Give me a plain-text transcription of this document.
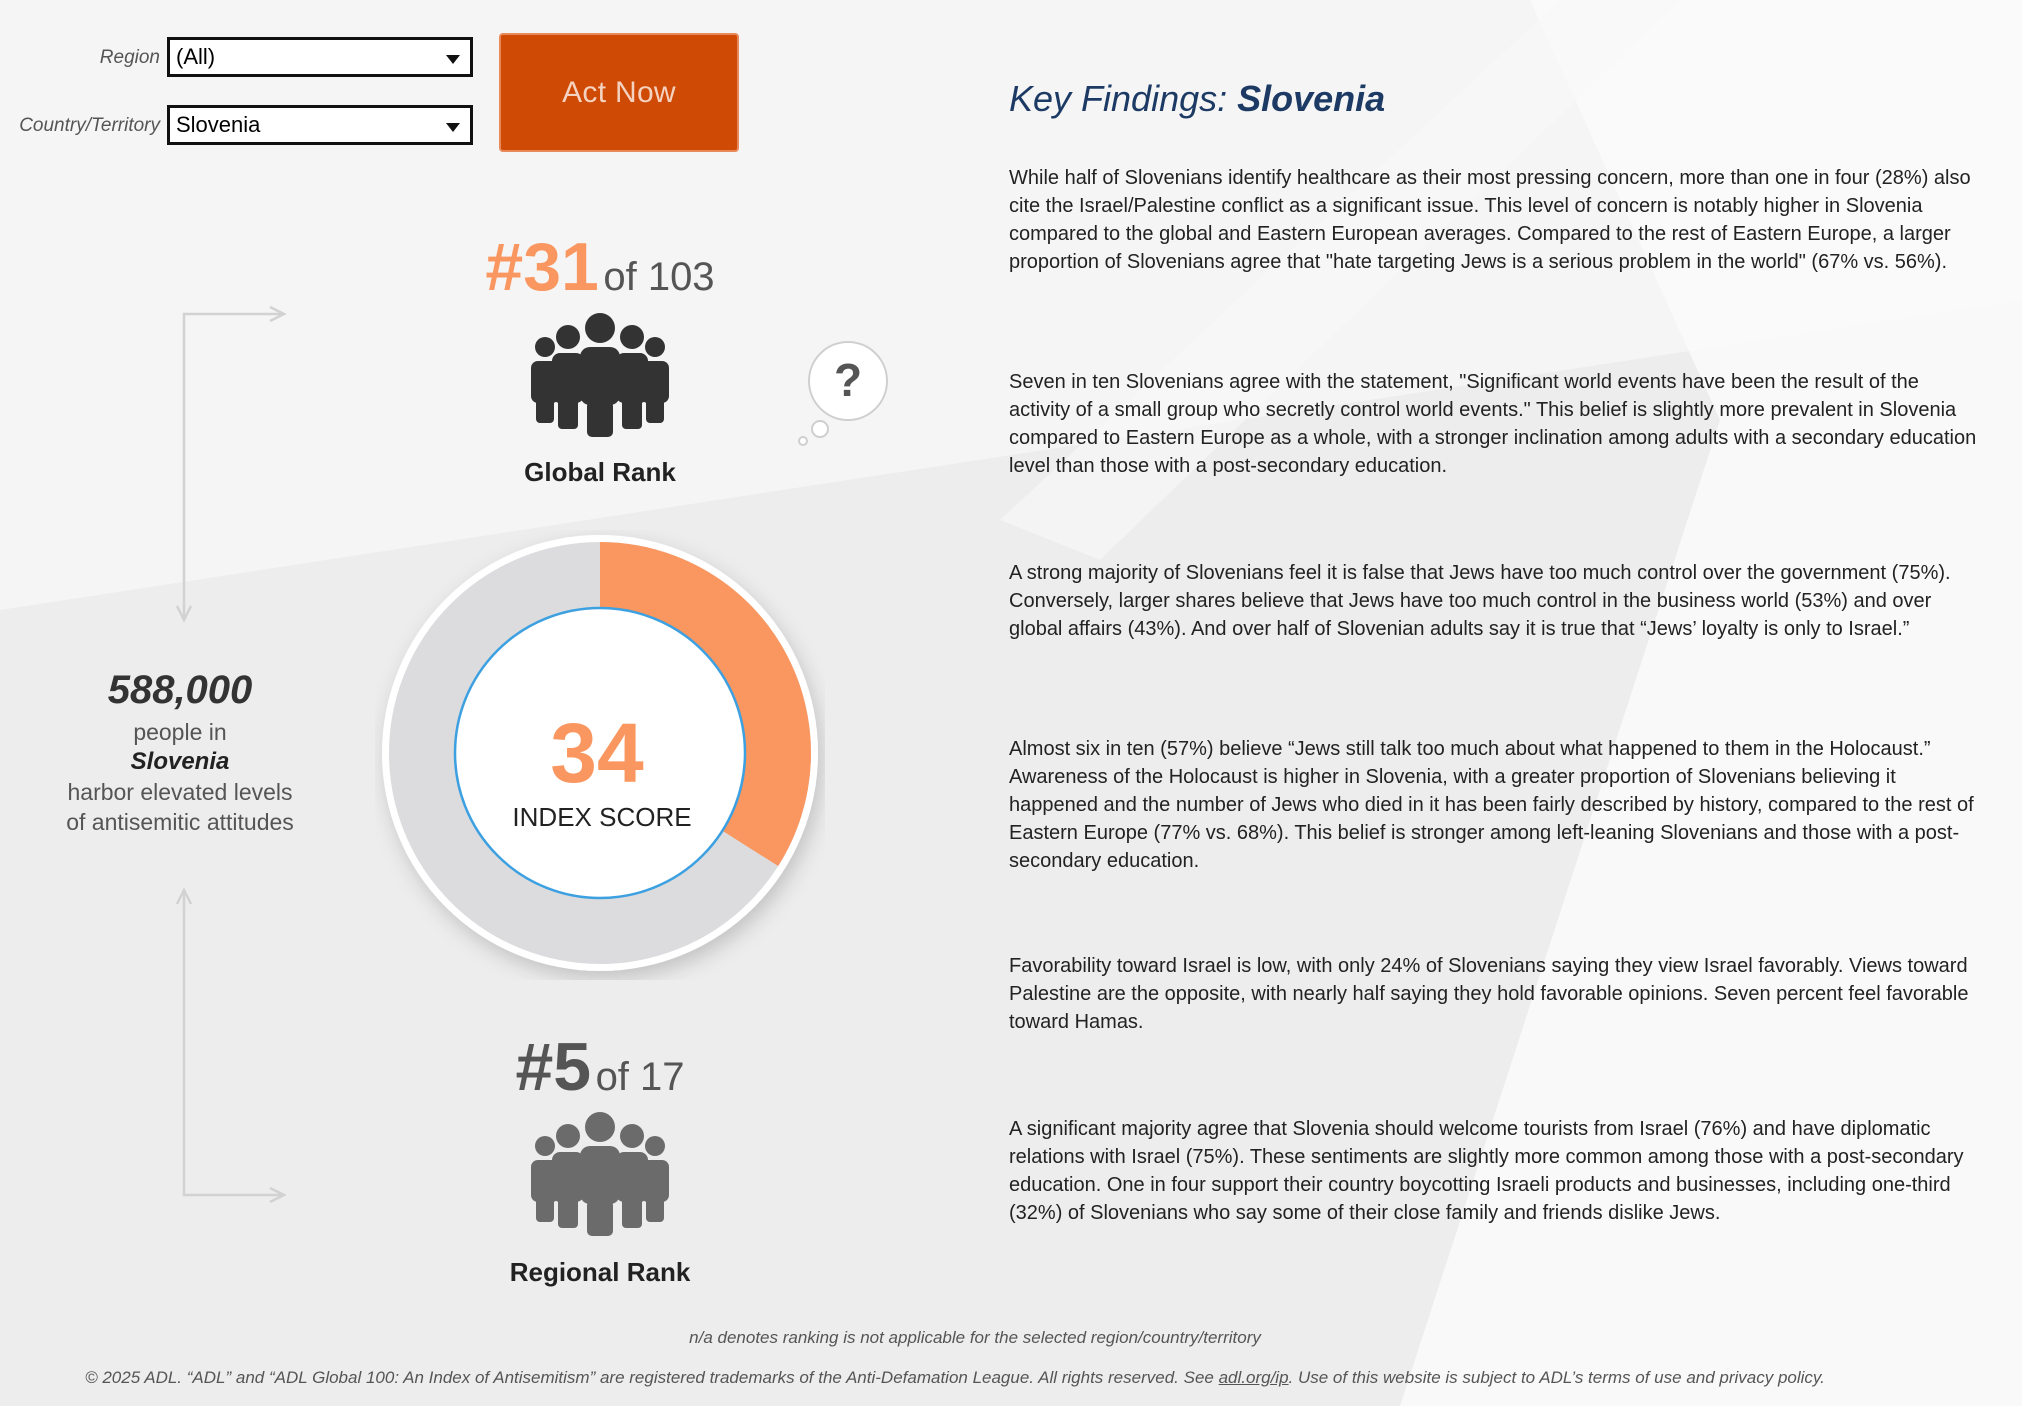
Region (All)
Country/Territory Slovenia
Act Now
#31 of 103
Global Rank
?
34
INDEX SCORE
588,000
people in
Slovenia
harbor elevated levels
of antisemitic attitudes
#5 of 17
Regional Rank
Key Findings: Slovenia

While half of Slovenians identify healthcare as their most pressing concern, more than one in four (28%) also cite the Israel/Palestine conflict as a significant issue. This level of concern is notably higher in Slovenia compared to the global and Eastern European averages. Compared to the rest of Eastern Europe, a larger proportion of Slovenians agree that "hate targeting Jews is a serious problem in the world" (67% vs. 56%).

Seven in ten Slovenians agree with the statement, "Significant world events have been the result of the activity of a small group who secretly control world events." This belief is slightly more prevalent in Slovenia compared to Eastern Europe as a whole, with a stronger inclination among adults with a secondary education level than those with a post-secondary education.

A strong majority of Slovenians feel it is false that Jews have too much control over the government (75%). Conversely, larger shares believe that Jews have too much control in the business world (53%) and over global affairs (43%). And over half of Slovenian adults say it is true that “Jews’ loyalty is only to Israel.”

Almost six in ten (57%) believe “Jews still talk too much about what happened to them in the Holocaust.” Awareness of the Holocaust is higher in Slovenia, with a greater proportion of Slovenians believing it happened and the number of Jews who died in it has been fairly described by history, compared to the rest of Eastern Europe (77% vs. 68%). This belief is stronger among left-leaning Slovenians and those with a post-secondary education.

Favorability toward Israel is low, with only 24% of Slovenians saying they view Israel favorably. Views toward Palestine are the opposite, with nearly half saying they hold favorable opinions. Seven percent feel favorable toward Hamas.

A significant majority agree that Slovenia should welcome tourists from Israel (76%) and have diplomatic relations with Israel (75%). These sentiments are slightly more common among those with a post-secondary education. One in four support their country boycotting Israeli products and businesses, including one-third (32%) of Slovenians who say some of their close family and friends dislike Jews.

n/a denotes ranking is not applicable for the selected region/country/territory
© 2025 ADL. “ADL” and “ADL Global 100: An Index of Antisemitism” are registered trademarks of the Anti-Defamation League. All rights reserved. See adl.org/ip. Use of this website is subject to ADL’s terms of use and privacy policy.
